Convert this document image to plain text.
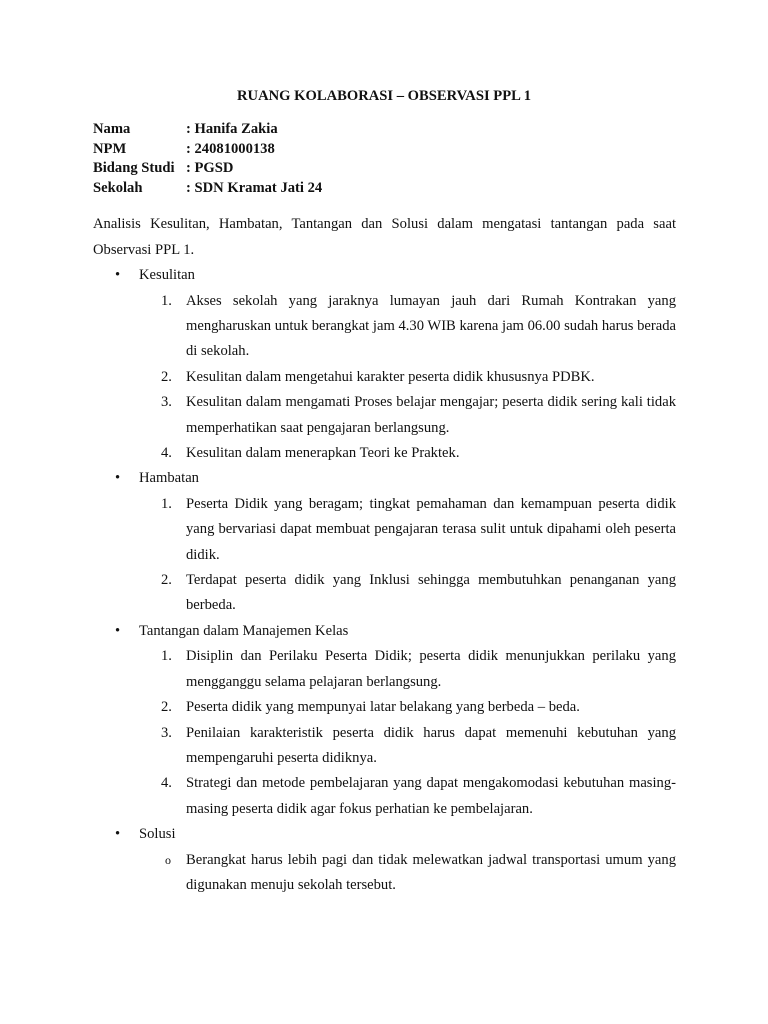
RUANG KOLABORASI – OBSERVASI PPL 1
Nama	: Hanifa Zakia
NPM	: 24081000138
Bidang Studi : PGSD
Sekolah	: SDN Kramat Jati 24

Analisis Kesulitan, Hambatan, Tantangan dan Solusi dalam mengatasi tantangan pada saat Observasi PPL 1.

• Kesulitan
1. Akses sekolah yang jaraknya lumayan jauh dari Rumah Kontrakan yang mengharuskan untuk berangkat jam 4.30 WIB karena jam 06.00 sudah harus berada di sekolah.
2. Kesulitan dalam mengetahui karakter peserta didik khususnya PDBK.
3. Kesulitan dalam mengamati Proses belajar mengajar; peserta didik sering kali tidak memperhatikan saat pengajaran berlangsung.
4. Kesulitan dalam menerapkan Teori ke Praktek.
• Hambatan
1. Peserta Didik yang beragam; tingkat pemahaman dan kemampuan peserta didik yang bervariasi dapat membuat pengajaran terasa sulit untuk dipahami oleh peserta didik.
2. Terdapat peserta didik yang Inklusi sehingga membutuhkan penanganan yang berbeda.
• Tantangan dalam Manajemen Kelas
1. Disiplin dan Perilaku Peserta Didik; peserta didik menunjukkan perilaku yang mengganggu selama pelajaran berlangsung.
2. Peserta didik yang mempunyai latar belakang yang berbeda – beda.
3. Penilaian karakteristik peserta didik harus dapat memenuhi kebutuhan yang mempengaruhi peserta didiknya.
4. Strategi dan metode pembelajaran yang dapat mengakomodasi kebutuhan masing-masing peserta didik agar fokus perhatian ke pembelajaran.
• Solusi
o Berangkat harus lebih pagi dan tidak melewatkan jadwal transportasi umum yang digunakan menuju sekolah tersebut.
